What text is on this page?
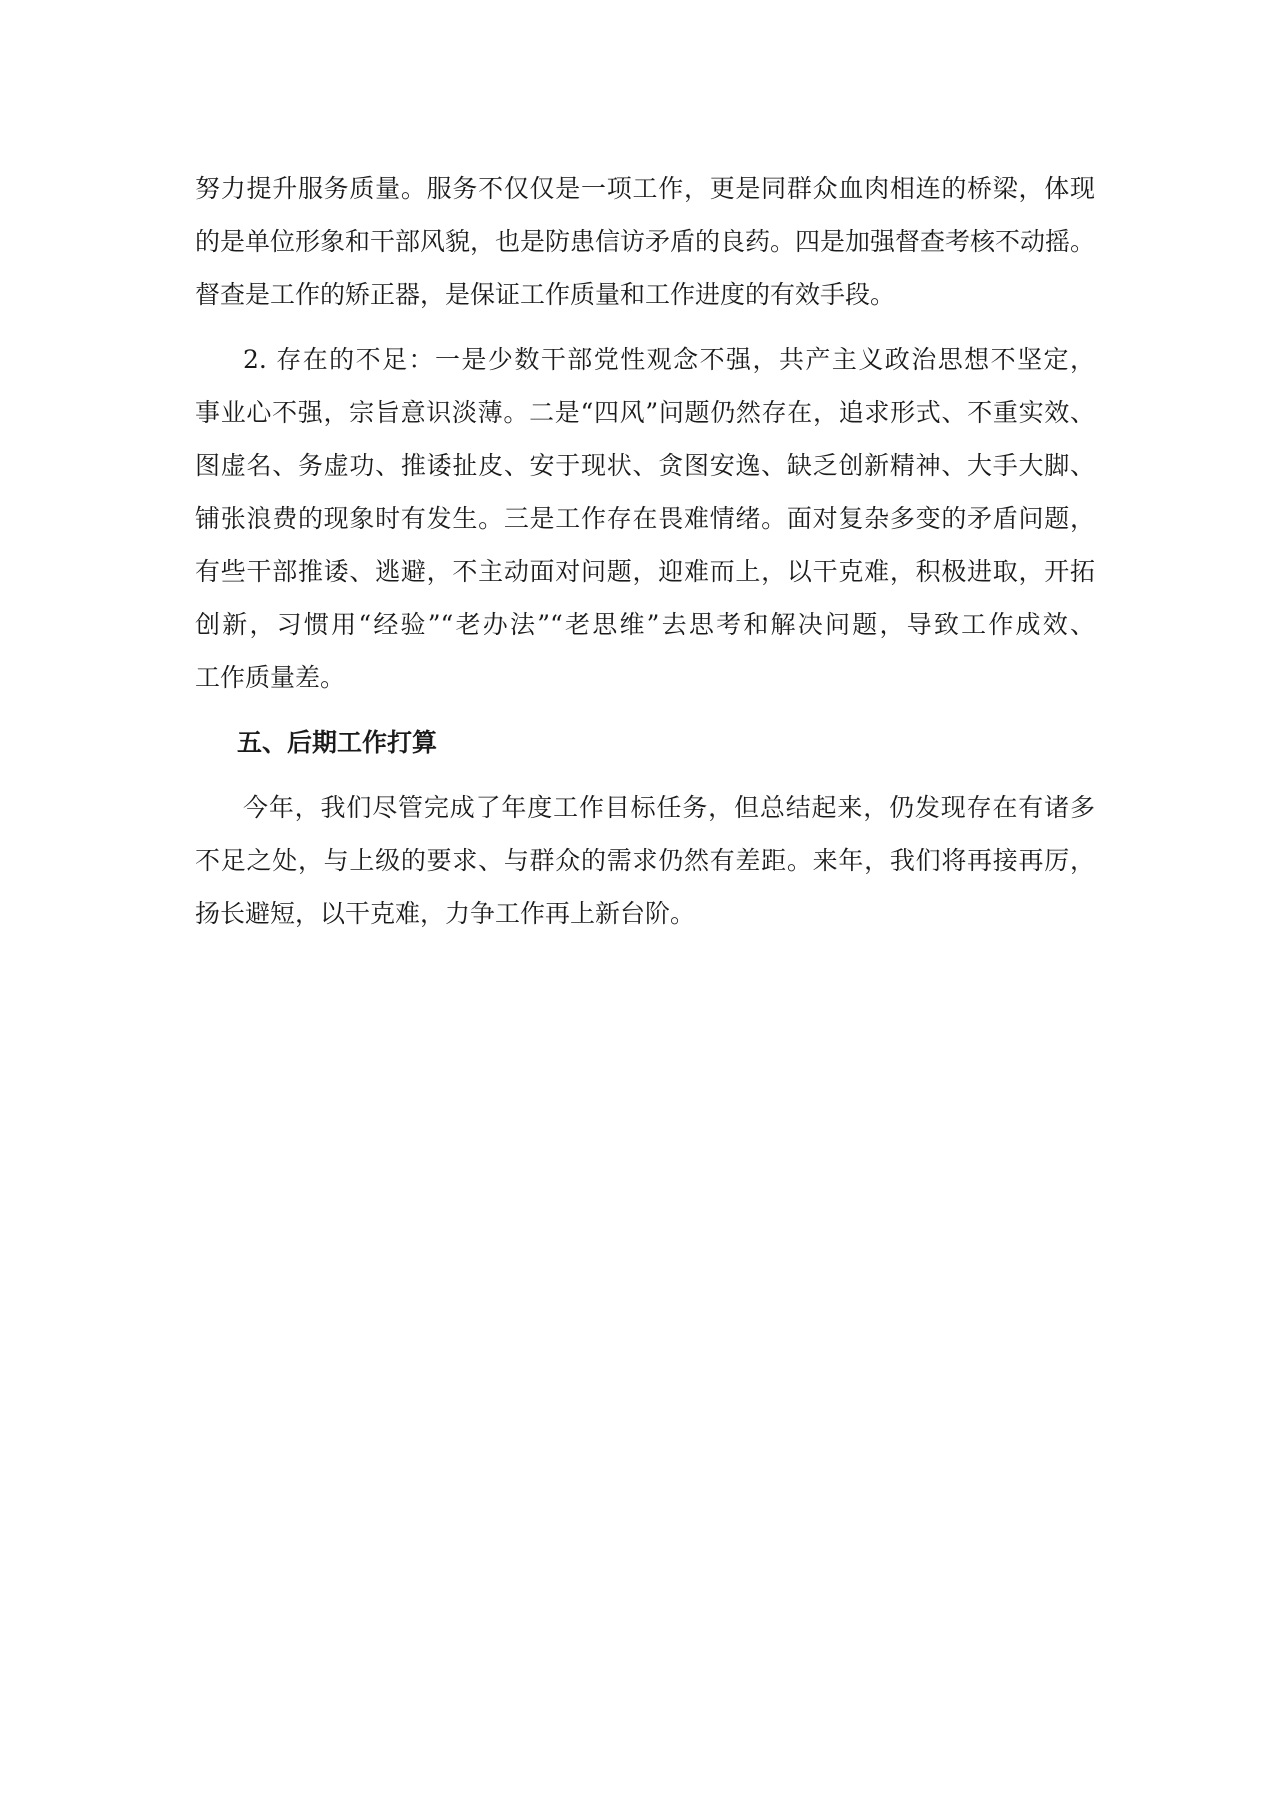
努力提升服务质量。服务不仅仅是一项工作，更是同群众血肉相连的桥梁，体现
的是单位形象和干部风貌，也是防患信访矛盾的良药。四是加强督查考核不动摇。
督查是工作的矫正器，是保证工作质量和工作进度的有效手段。
2. 存在的不足：一是少数干部党性观念不强，共产主义政治思想不坚定，
事业心不强，宗旨意识淡薄。二是“四风”问题仍然存在，追求形式、不重实效、
图虚名、务虚功、推诿扯皮、安于现状、贪图安逸、缺乏创新精神、大手大脚、
铺张浪费的现象时有发生。三是工作存在畏难情绪。面对复杂多变的矛盾问题，
有些干部推诿、逃避，不主动面对问题，迎难而上，以干克难，积极进取，开拓
创新，习惯用“经验”“老办法”“老思维”去思考和解决问题，导致工作成效、
工作质量差。
五、后期工作打算
今年，我们尽管完成了年度工作目标任务，但总结起来，仍发现存在有诸多
不足之处，与上级的要求、与群众的需求仍然有差距。来年，我们将再接再厉，
扬长避短，以干克难，力争工作再上新台阶。
